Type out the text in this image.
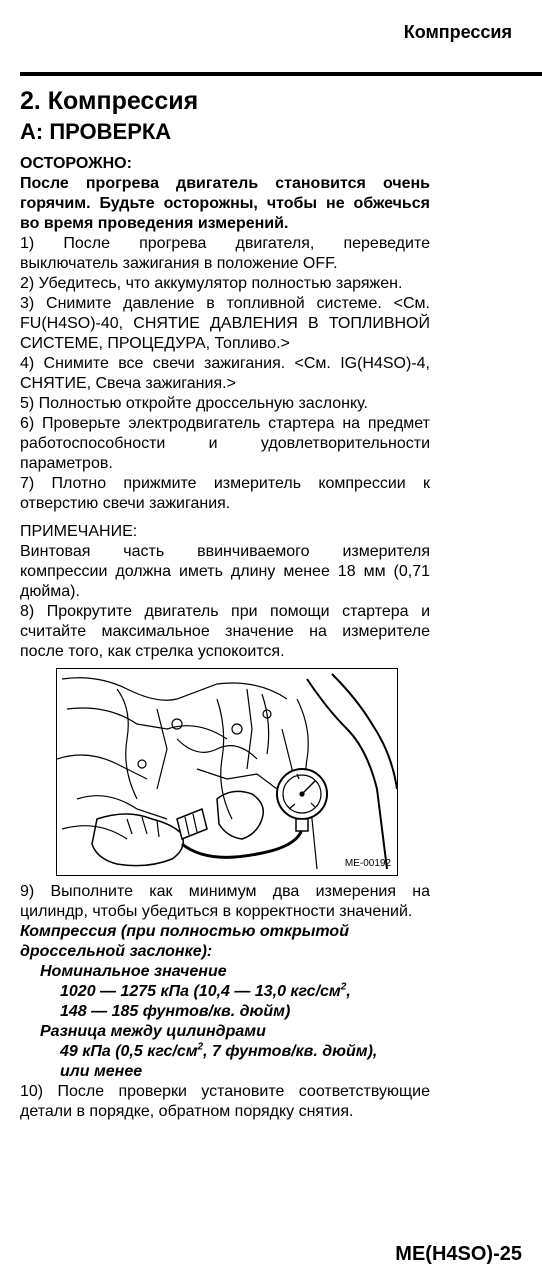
Компрессия

2. Компрессия

A: ПРОВЕРКА

ОСТОРОЖНО:

После прогрева двигатель становится очень горячим. Будьте осторожны, чтобы не обжечься во время проведения измерений.

1) После прогрева двигателя, переведите выключатель зажигания в положение OFF.

2) Убедитесь, что аккумулятор полностью заряжен.

3) Снимите давление в топливной системе. <См. FU(H4SO)-40, СНЯТИЕ ДАВЛЕНИЯ В ТОПЛИВНОЙ СИСТЕМЕ, ПРОЦЕДУРА, Топливо.>

4) Снимите все свечи зажигания. <См. IG(H4SO)-4, СНЯТИЕ, Свеча зажигания.>

5) Полностью откройте дроссельную заслонку.

6) Проверьте электродвигатель стартера на предмет работоспособности и удовлетворительности параметров.

7) Плотно прижмите измеритель компрессии к отверстию свечи зажигания.

ПРИМЕЧАНИЕ:

Винтовая часть ввинчиваемого измерителя компрессии должна иметь длину менее 18 мм (0,71 дюйма).

8) Прокрутите двигатель при помощи стартера и считайте максимальное значение на измерителе после того, как стрелка успокоится.

ME-00192

9) Выполните как минимум два измерения на цилиндр, чтобы убедиться в корректности значений.

Компрессия (при полностью открытой дроссельной заслонке):

Номинальное значение

1020 — 1275 кПа (10,4 — 13,0 кгс/$см^2$,

148 — 185 фунтов/кв. дюйм)

Разница между цилиндрами

49 кПа (0,5 кгс/$см^2$, 7 фунтов/кв. дюйм),

или менее

10) После проверки установите соответствующие детали в порядке, обратном порядку снятия.

ME(H4SO)-25
